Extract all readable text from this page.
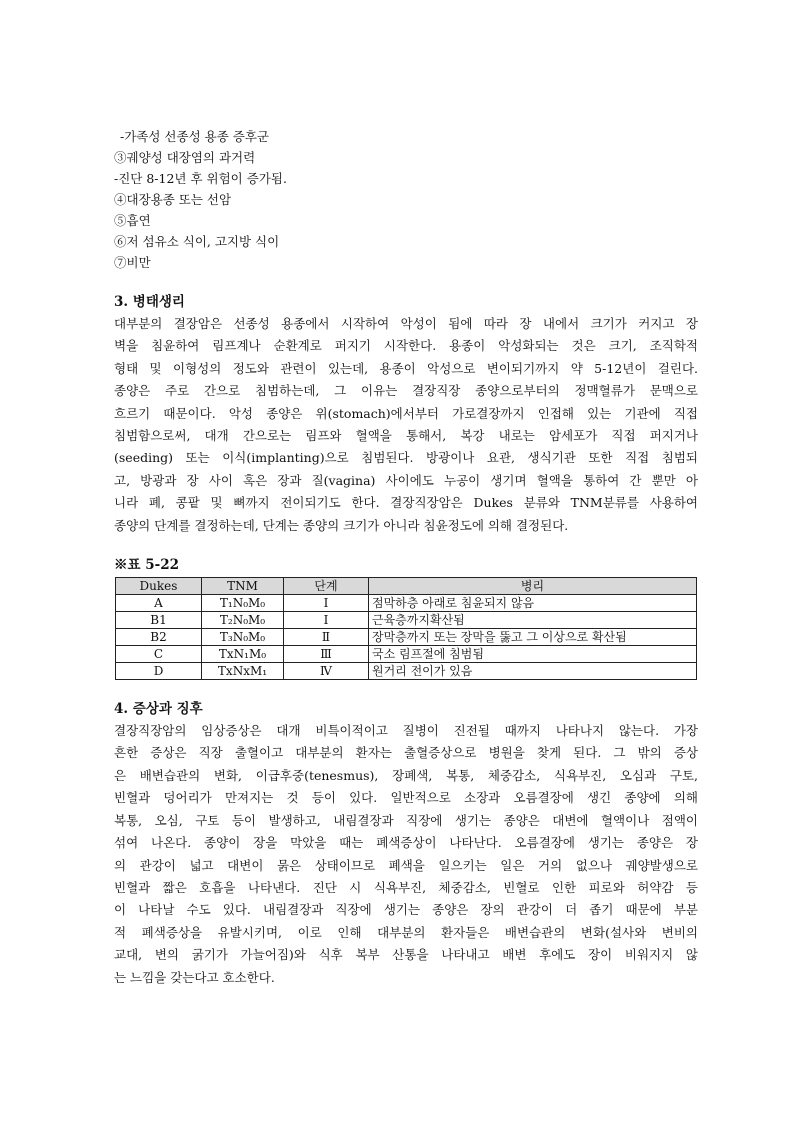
-가족성 선종성 용종 증후군
③궤양성 대장염의 과거력
-진단 8-12년 후 위험이 증가됨.
④대장용종 또는 선암
⑤흡연
⑥저 섬유소 식이, 고지방 식이
⑦비만
3. 병태생리
대부분의 결장암은 선종성 용종에서 시작하여 악성이 됨에 따라 장 내에서 크기가 커지고 장
벽을 침윤하여 림프계나 순환계로 퍼지기 시작한다. 용종이 악성화되는 것은 크기, 조직학적
형태 및 이형성의 정도와 관련이 있는데, 용종이 악성으로 변이되기까지 약 5-12년이 걸린다.
종양은 주로 간으로 침범하는데, 그 이유는 결장직장 종양으로부터의 정맥혈류가 문맥으로
흐르기 때문이다. 악성 종양은 위(stomach)에서부터 가로결장까지 인접해 있는 기관에 직접
침범함으로써, 대개 간으로는 림프와 혈액을 통해서, 복강 내로는 암세포가 직접 퍼지거나
(seeding) 또는 이식(implanting)으로 침범된다. 방광이나 요관, 생식기관 또한 직접 침범되
고, 방광과 장 사이 혹은 장과 질(vagina) 사이에도 누공이 생기며 혈액을 통하여 간 뿐만 아
니라 폐, 콩팥 및 뼈까지 전이되기도 한다. 결장직장암은 Dukes 분류와 TNM분류를 사용하여
종양의 단계를 결정하는데, 단계는 종양의 크기가 아니라 침윤정도에 의해 결정된다.
※표 5-22
Dukes	TNM	단계	병리
A	T₁N₀M₀	Ⅰ	점막하층 아래로 침윤되지 않음
B1	T₂N₀M₀	Ⅰ	근육층까지확산됨
B2	T₃N₀M₀	Ⅱ	장막층까지 또는 장막을 뚫고 그 이상으로 확산됨
C	TxN₁M₀	Ⅲ	국소 림프절에 침범됨
D	TxNxM₁	Ⅳ	원거리 전이가 있음
4. 증상과 징후
결장직장암의 임상증상은 대개 비특이적이고 질병이 진전될 때까지 나타나지 않는다. 가장
흔한 증상은 직장 출혈이고 대부분의 환자는 출혈증상으로 병원을 찾게 된다. 그 밖의 증상
은 배변습관의 변화, 이급후중(tenesmus), 장폐색, 복통, 체중감소, 식욕부진, 오심과 구토,
빈혈과 덩어리가 만져지는 것 등이 있다. 일반적으로 소장과 오름결장에 생긴 종양에 의해
복통, 오심, 구토 등이 발생하고, 내림결장과 직장에 생기는 종양은 대변에 혈액이나 점액이
섞여 나온다. 종양이 장을 막았을 때는 폐색증상이 나타난다. 오름결장에 생기는 종양은 장
의 관강이 넓고 대변이 묽은 상태이므로 폐색을 일으키는 일은 거의 없으나 궤양발생으로
빈혈과 짧은 호흡을 나타낸다. 진단 시 식욕부진, 체중감소, 빈혈로 인한 피로와 허약감 등
이 나타날 수도 있다. 내림결장과 직장에 생기는 종양은 장의 관강이 더 좁기 때문에 부분
적 폐색증상을 유발시키며, 이로 인해 대부분의 환자들은 배변습관의 변화(설사와 변비의
교대, 변의 굵기가 가늘어짐)와 식후 복부 산통을 나타내고 배변 후에도 장이 비워지지 않
는 느낌을 갖는다고 호소한다.
